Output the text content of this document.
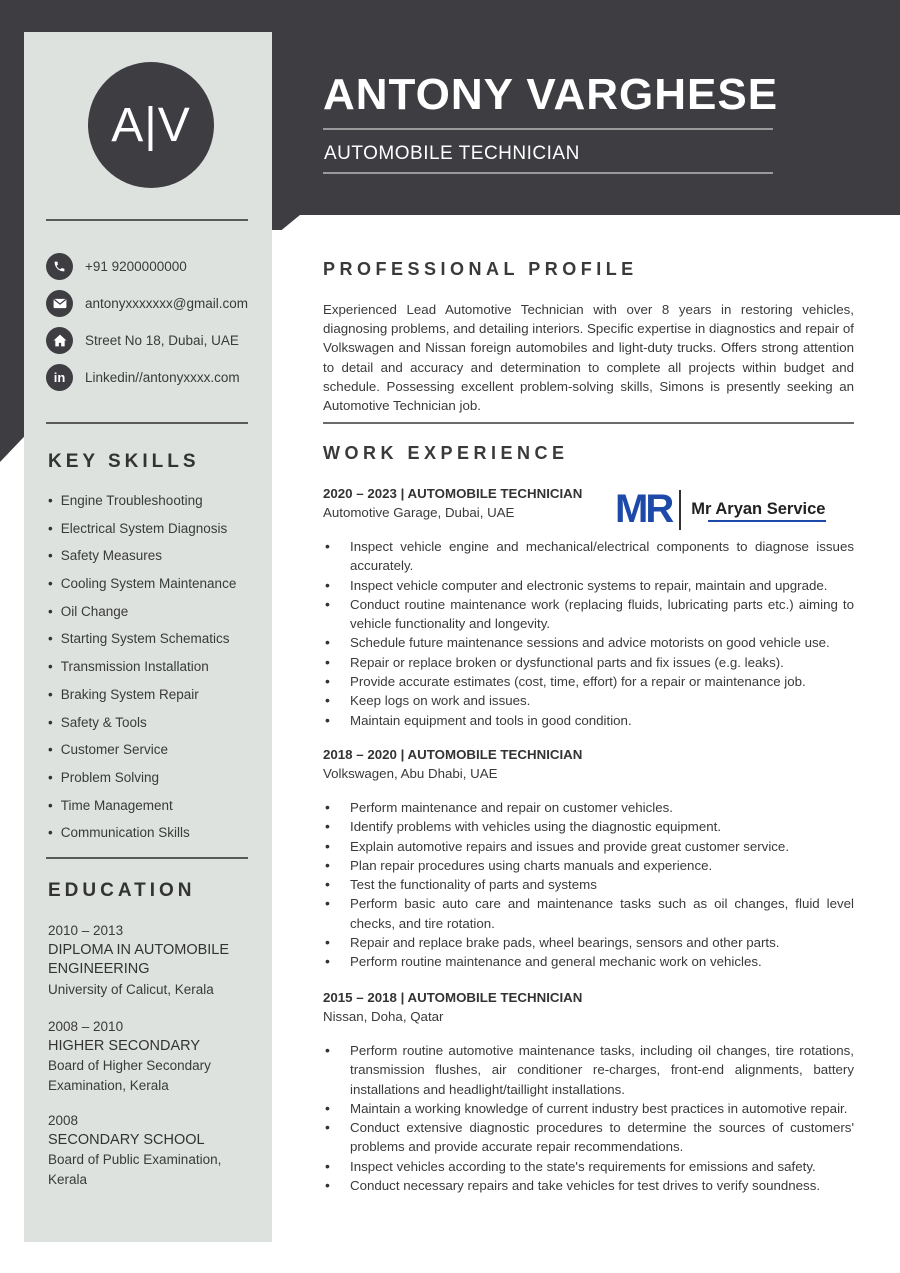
A|V
+91 9200000000
antonyxxxxxxx@gmail.com
Street No 18, Dubai, UAE
in	Linkedin//antonyxxxx.com
KEY SKILLS
• Engine Troubleshooting
• Electrical System Diagnosis
• Safety Measures
• Cooling System Maintenance
• Oil Change
• Starting System Schematics
• Transmission Installation
• Braking System Repair
• Safety & Tools
• Customer Service
• Problem Solving
• Time Management
• Communication Skills
EDUCATION
2010 – 2013
DIPLOMA IN AUTOMOBILE ENGINEERING
University of Calicut, Kerala
2008 – 2010
HIGHER SECONDARY
Board of Higher Secondary Examination, Kerala
2008
SECONDARY SCHOOL
Board of Public Examination, Kerala
ANTONY VARGHESE
AUTOMOBILE TECHNICIAN
PROFESSIONAL PROFILE

Experienced Lead Automotive Technician with over 8 years in restoring vehicles, diagnosing problems, and detailing interiors. Specific expertise in diagnostics and repair of Volkswagen and Nissan foreign automobiles and light-duty trucks. Offers strong attention to detail and accuracy and determination to complete all projects within budget and schedule. Possessing excellent problem-solving skills, Simons is presently seeking an Automotive Technician job.

WORK EXPERIENCE
2020 – 2023 | AUTOMOBILE TECHNICIAN
Automotive Garage, Dubai, UAE	MR Mr Aryan Service
• Inspect vehicle engine and mechanical/electrical components to diagnose issues accurately.
• Inspect vehicle computer and electronic systems to repair, maintain and upgrade.
• Conduct routine maintenance work (replacing fluids, lubricating parts etc.) aiming to vehicle functionality and longevity.
• Schedule future maintenance sessions and advice motorists on good vehicle use.
• Repair or replace broken or dysfunctional parts and fix issues (e.g. leaks).
• Provide accurate estimates (cost, time, effort) for a repair or maintenance job.
• Keep logs on work and issues.
• Maintain equipment and tools in good condition.
2018 – 2020 | AUTOMOBILE TECHNICIAN
Volkswagen, Abu Dhabi, UAE
• Perform maintenance and repair on customer vehicles.
• Identify problems with vehicles using the diagnostic equipment.
• Explain automotive repairs and issues and provide great customer service.
• Plan repair procedures using charts manuals and experience.
• Test the functionality of parts and systems
• Perform basic auto care and maintenance tasks such as oil changes, fluid level checks, and tire rotation.
• Repair and replace brake pads, wheel bearings, sensors and other parts.
• Perform routine maintenance and general mechanic work on vehicles.
2015 – 2018 | AUTOMOBILE TECHNICIAN
Nissan, Doha, Qatar
• Perform routine automotive maintenance tasks, including oil changes, tire rotations, transmission flushes, air conditioner re-charges, front-end alignments, battery installations and headlight/taillight installations.
• Maintain a working knowledge of current industry best practices in automotive repair.
• Conduct extensive diagnostic procedures to determine the sources of customers' problems and provide accurate repair recommendations.
• Inspect vehicles according to the state's requirements for emissions and safety.
• Conduct necessary repairs and take vehicles for test drives to verify soundness.
